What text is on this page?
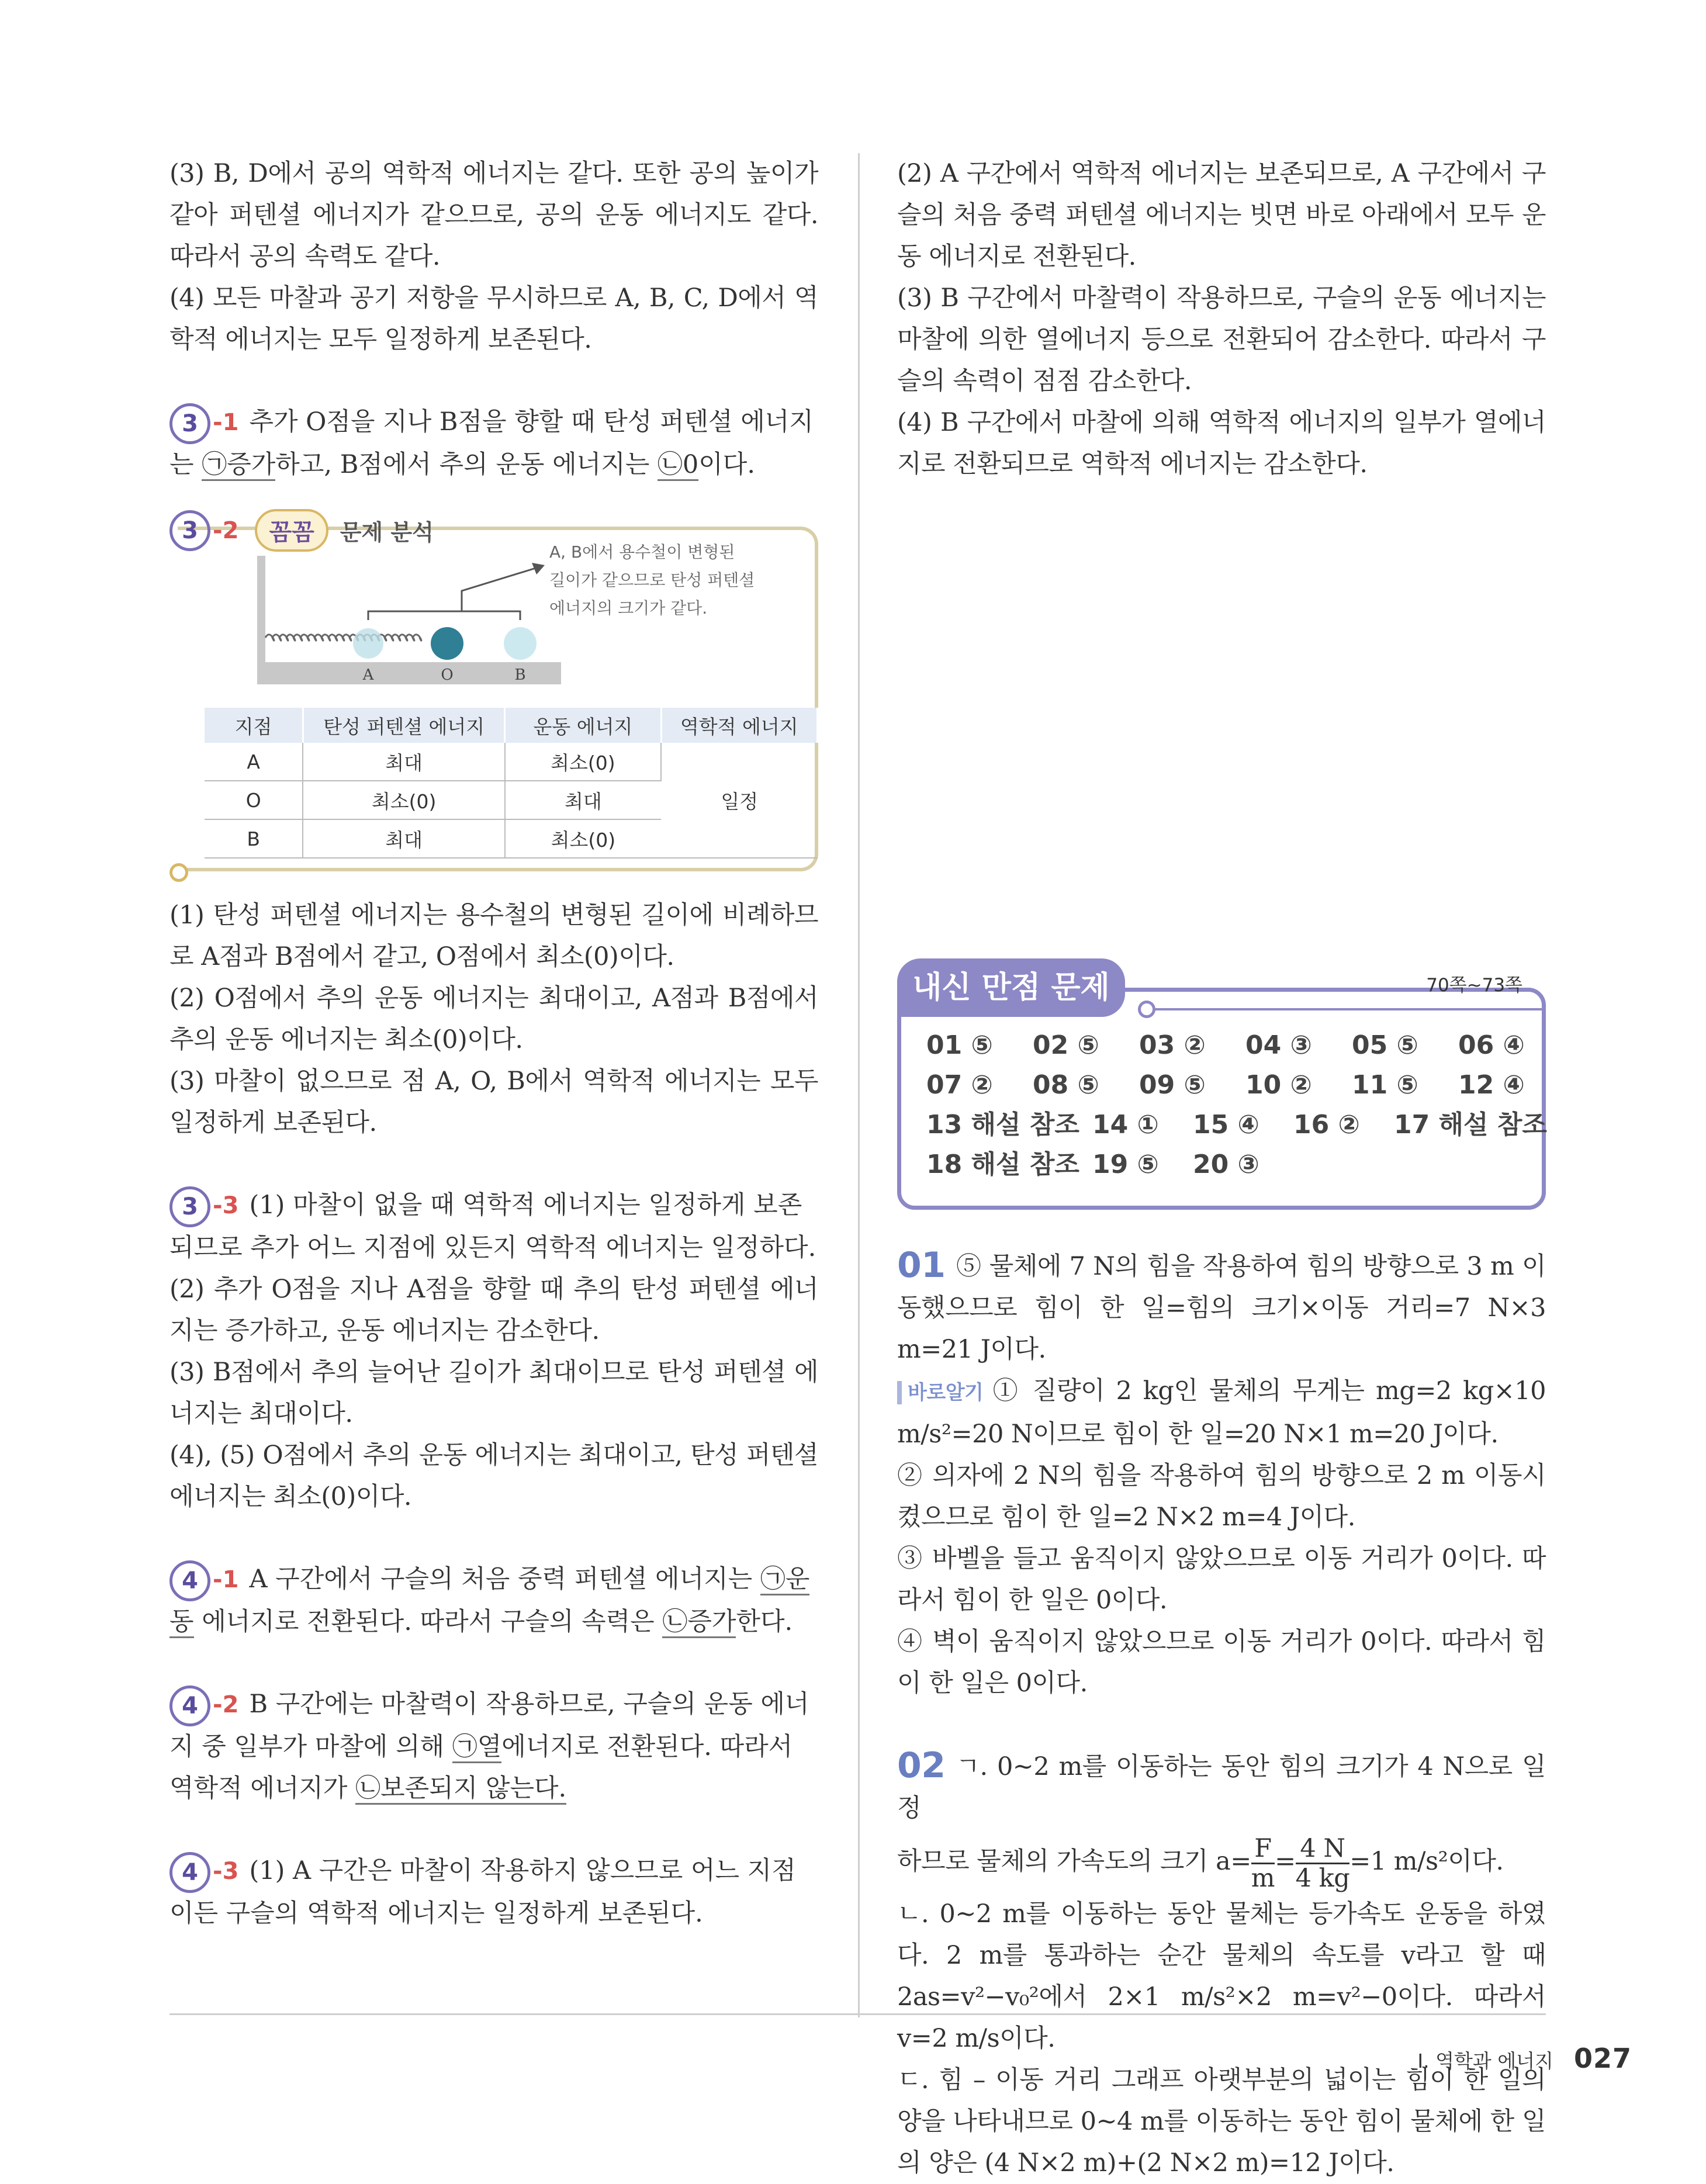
(3) B, D에서 공의 역학적 에너지는 같다. 또한 공의 높이가 같아 퍼텐셜 에너지가 같으므로, 공의 운동 에너지도 같다. 따라서 공의 속력도 같다.

(4) 모든 마찰과 공기 저항을 무시하므로 A, B, C, D에서 역학적 에너지는 모두 일정하게 보존된다.

3 -1 추가 O점을 지나 B점을 향할 때 탄성 퍼텐셜 에너지는 ㉠증가하고, B점에서 추의 운동 에너지는 ㉡0이다.

3 -2	꼼꼼	문제 분석
A	O	B
A, B에서 용수철이 변형된
길이가 같으므로 탄성 퍼텐셜
에너지의 크기가 같다.
지점	탄성 퍼텐셜 에너지	운동 에너지	역학적 에너지
A	최대	최소(0)	일정
O	최소(0)	최대	
B	최대	최소(0)	

(1) 탄성 퍼텐셜 에너지는 용수철의 변형된 길이에 비례하므로 A점과 B점에서 같고, O점에서 최소(0)이다.

(2) O점에서 추의 운동 에너지는 최대이고, A점과 B점에서 추의 운동 에너지는 최소(0)이다.

(3) 마찰이 없으므로 점 A, O, B에서 역학적 에너지는 모두 일정하게 보존된다.

3 -3 (1) 마찰이 없을 때 역학적 에너지는 일정하게 보존되므로 추가 어느 지점에 있든지 역학적 에너지는 일정하다.

(2) 추가 O점을 지나 A점을 향할 때 추의 탄성 퍼텐셜 에너지는 증가하고, 운동 에너지는 감소한다.

(3) B점에서 추의 늘어난 길이가 최대이므로 탄성 퍼텐셜 에너지는 최대이다.

(4), (5) O점에서 추의 운동 에너지는 최대이고, 탄성 퍼텐셜 에너지는 최소(0)이다.

4 -1 A 구간에서 구슬의 처음 중력 퍼텐셜 에너지는 ㉠운동 에너지로 전환된다. 따라서 구슬의 속력은 ㉡증가한다.

4 -2 B 구간에는 마찰력이 작용하므로, 구슬의 운동 에너지 중 일부가 마찰에 의해 ㉠열에너지로 전환된다. 따라서 역학적 에너지가 ㉡보존되지 않는다.

4 -3 (1) A 구간은 마찰이 작용하지 않으므로 어느 지점이든 구슬의 역학적 에너지는 일정하게 보존된다.

(2) A 구간에서 역학적 에너지는 보존되므로, A 구간에서 구슬의 처음 중력 퍼텐셜 에너지는 빗면 바로 아래에서 모두 운동 에너지로 전환된다.

(3) B 구간에서 마찰력이 작용하므로, 구슬의 운동 에너지는 마찰에 의한 열에너지 등으로 전환되어 감소한다. 따라서 구슬의 속력이 점점 감소한다.

(4) B 구간에서 마찰에 의해 역학적 에너지의 일부가 열에너지로 전환되므로 역학적 에너지는 감소한다.

내신 만점 문제	70쪽~73쪽
01 ⑤ 02 ⑤ 03 ② 04 ③ 05 ⑤ 06 ④
07 ② 08 ⑤ 09 ⑤ 10 ② 11 ⑤ 12 ④
13 해설 참조 14 ① 15 ④ 16 ② 17 해설 참조
18 해설 참조 19 ⑤ 20 ③

01 ⑤ 물체에 7 N의 힘을 작용하여 힘의 방향으로 3 m 이동했으므로 힘이 한 일=힘의 크기×이동 거리=7 N×3 m=21 J이다.

바로알기 ① 질량이 2 kg인 물체의 무게는 mg=2 kg×10 m/s²=20 N이므로 힘이 한 일=20 N×1 m=20 J이다.

② 의자에 2 N의 힘을 작용하여 힘의 방향으로 2 m 이동시켰으므로 힘이 한 일=2 N×2 m=4 J이다.

③ 바벨을 들고 움직이지 않았으므로 이동 거리가 0이다. 따라서 힘이 한 일은 0이다.

④ 벽이 움직이지 않았으므로 이동 거리가 0이다. 따라서 힘이 한 일은 0이다.

02 ㄱ. 0~2 m를 이동하는 동안 힘의 크기가 4 N으로 일정

하므로 물체의 가속도의 크기 $a= \frac{F}{m} = \frac{4 N}{4 kg} =1$ m/s²이다.

ㄴ. 0~2 m를 이동하는 동안 물체는 등가속도 운동을 하였다. 2 m를 통과하는 순간 물체의 속도를 v라고 할 때 2as=v²−v₀²에서 2×1 m/s²×2 m=v²−0이다. 따라서 v=2 m/s이다.

ㄷ. 힘 – 이동 거리 그래프 아랫부분의 넓이는 힘이 한 일의 양을 나타내므로 0~4 m를 이동하는 동안 힘이 물체에 한 일의 양은 (4 N×2 m)+(2 N×2 m)=12 J이다.

Ⅰ. 역학과 에너지 027
